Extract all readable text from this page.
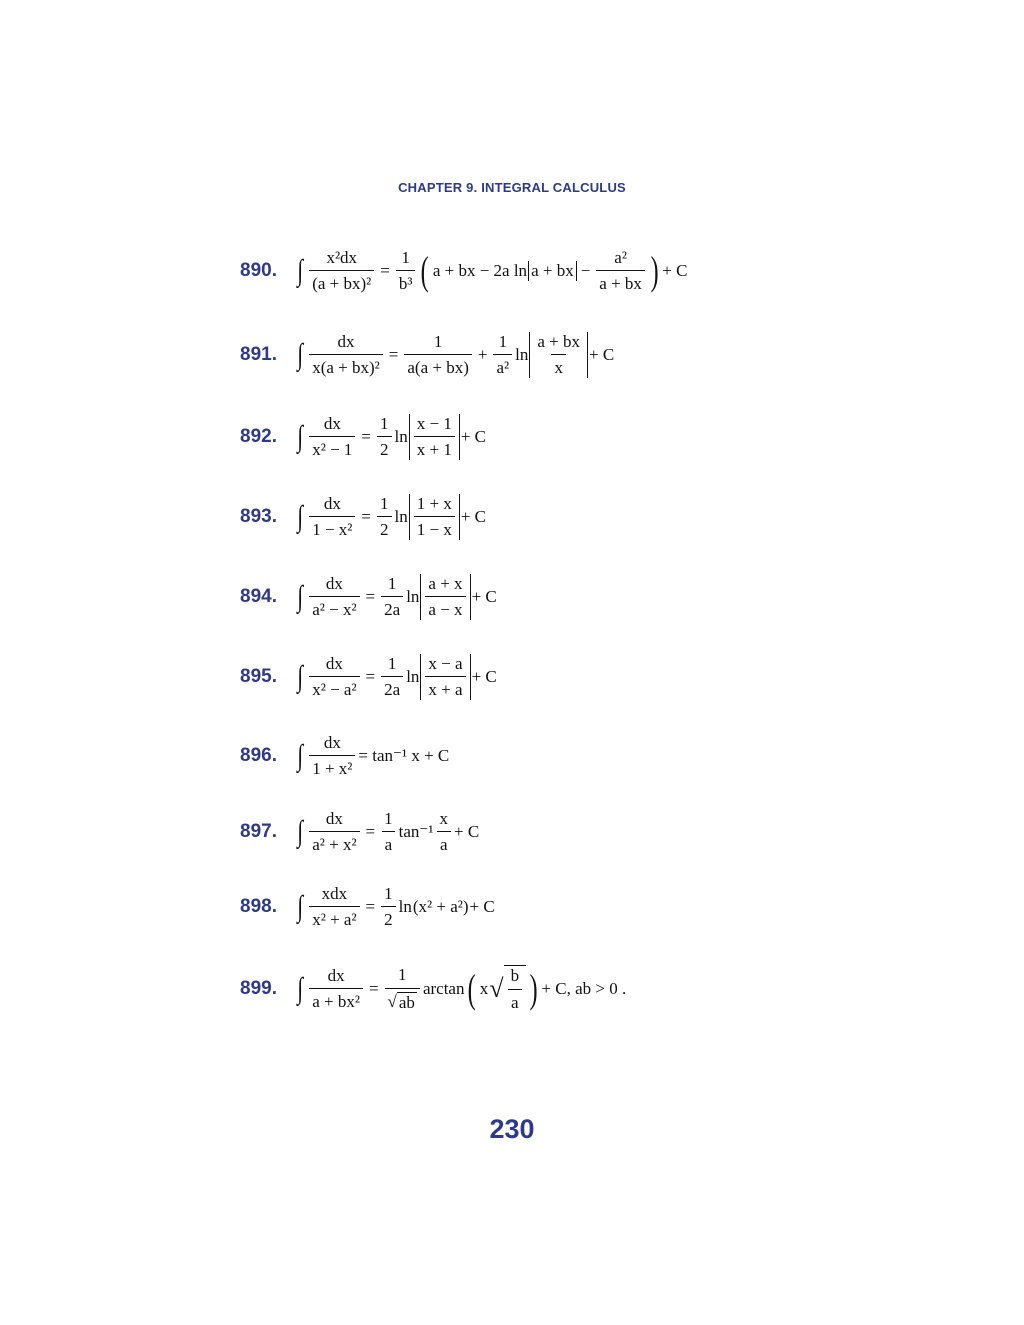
CHAPTER 9. INTEGRAL CALCULUS
890. ∫ $\frac{\text{x²dx}}{\text{(a + bx)²}} = \frac{1}{\text{b³}}$ ( a + bx − 2a ln a + bx − $\frac{\text{a²}}{a + bx}$ ) + C
891. ∫ $\frac{dx}{\text{x(a + bx)²}} = \frac{1}{a(a + bx)} + \frac{1}{\text{a²}}$ $\ln \frac{a + bx}{x} + C$
892. ∫ $\frac{dx}{\text{x² − 1}} = \frac{1}{2}$ $\ln \frac{x - 1}{x + 1} + C$
893. ∫ $\frac{dx}{\text{1 − x²}} = \frac{1}{2}$ $\ln \frac{1 + x}{1 - x} + C$
894. ∫ $\frac{dx}{\text{a² − x²}} = \frac{1}{2a}$ $\ln \frac{a + x}{a - x} + C$
895. ∫ $\frac{dx}{\text{x² − a²}} = \frac{1}{2a}$ $\ln \frac{x - a}{x + a} + C$
896. ∫ $\frac{dx}{\text{1 + x²}} = \tan^{-1}$ x + C
897. ∫ $\frac{dx}{\text{a² + x²}} = \frac{1}{a} \tan^{-1} \frac{x}{a} + C$
898. ∫ $\frac{\text{xdx}}{\text{x² + a²}} = \frac{1}{2}$ ln (x² + a²) + C
899. ∫ $\frac{dx}{\text{a + bx²}} = \frac{1}{√ ab}$ arctan ( x √ $\frac{b}{a}$ ) + C, ab > 0 .
230
